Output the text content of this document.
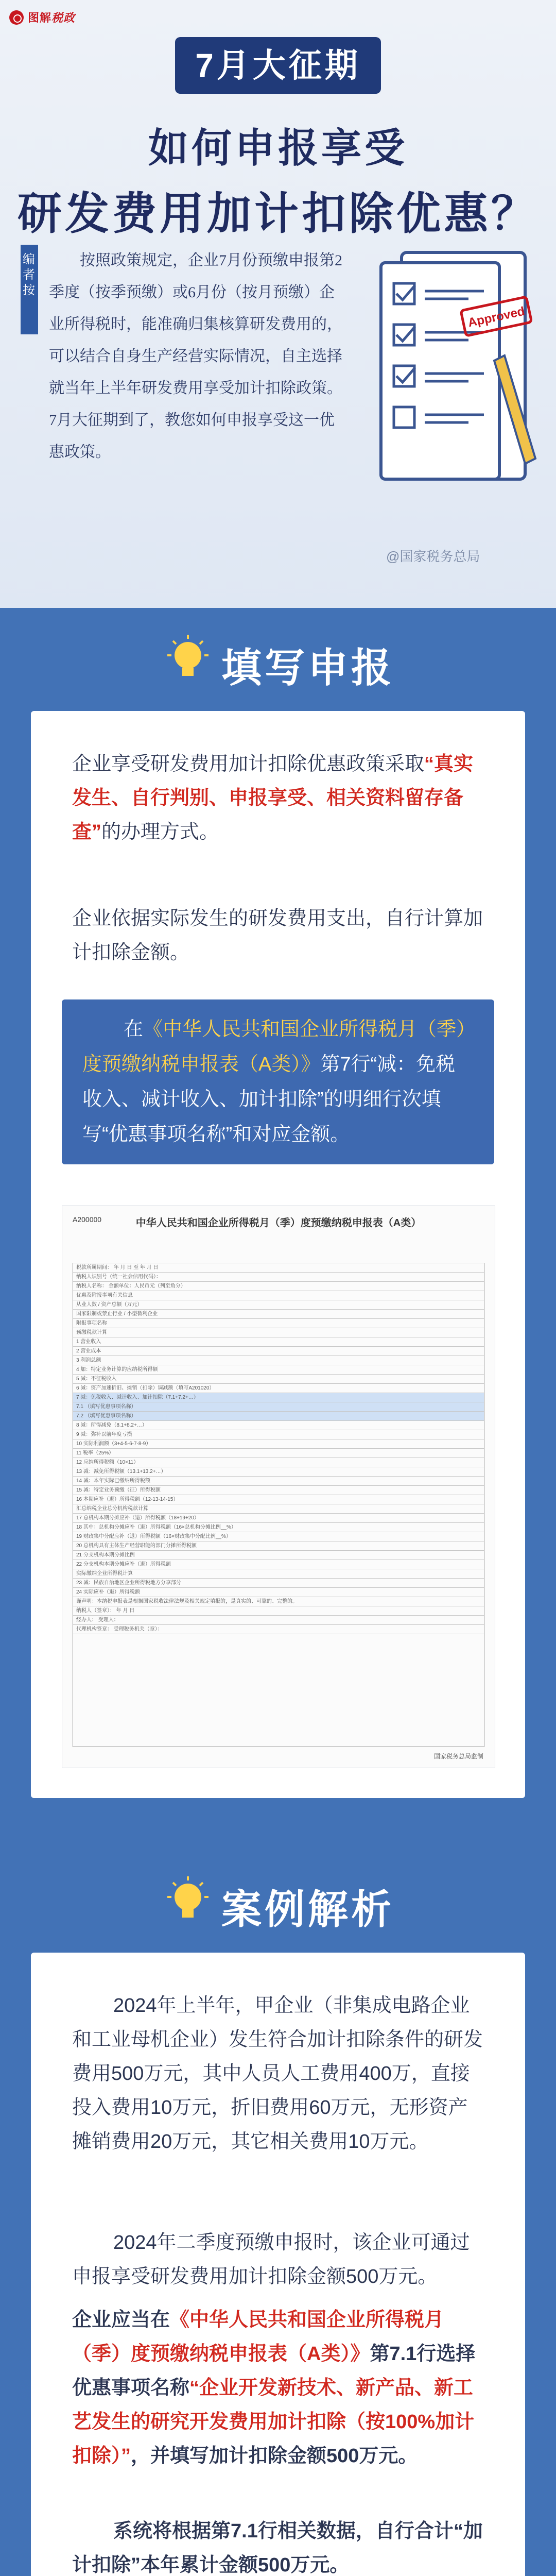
图解税政
7月大征期
如何申报享受
研发费用加计扣除优惠？
编者按
按照政策规定，企业7月份预缴申报第2季度（按季预缴）或6月份（按月预缴）企业所得税时，能准确归集核算研发费用的，可以结合自身生产经营实际情况，自主选择就当年上半年研发费用享受加计扣除政策。7月大征期到了，教您如何申报享受这一优惠政策。
Approved
@国家税务总局
填写申报
企业享受研发费用加计扣除优惠政策采取“真实发生、自行判别、申报享受、相关资料留存备查”的办理方式。
企业依据实际发生的研发费用支出，自行计算加计扣除金额。
在《中华人民共和国企业所得税月（季）度预缴纳税申报表（A类）》第7行“减：免税收入、减计收入、加计扣除”的明细行次填写“优惠事项名称”和对应金额。
A200000	中华人民共和国企业所得税月（季）度预缴纳税申报表（A类）
税款所属期间： 年 月 日 至 年 月 日
纳税人识别号（统一社会信用代码）：
纳税人名称： 金额单位：人民币元（列至角分）
优惠及附报事项有关信息
从业人数 / 资产总额（万元）
国家限制或禁止行业 / 小型微利企业
附报事项名称
预缴税款计算
1 营业收入
2 营业成本
3 利润总额
4 加：特定业务计算的应纳税所得额
5 减：不征税收入
6 减：资产加速折旧、摊销（扣除）调减额（填写A201020）
7 减：免税收入、减计收入、加计扣除（7.1+7.2+…）
7.1 （填写优惠事项名称）
7.2 （填写优惠事项名称）
8 减：所得减免（8.1+8.2+…）
9 减：弥补以前年度亏损
10 实际利润额（3+4-5-6-7-8-9）
11 税率（25%）
12 应纳所得税额（10×11）
13 减：减免所得税额（13.1+13.2+…）
14 减：本年实际已缴纳所得税额
15 减：特定业务预缴（征）所得税额
16 本期应补（退）所得税额（12-13-14-15）
汇总纳税企业总分机构税款计算
17 总机构本期分摊应补（退）所得税额（18+19+20）
18 其中：总机构分摊应补（退）所得税额（16×总机构分摊比例__%）
19 财政集中分配应补（退）所得税额（16×财政集中分配比例__%）
20 总机构具有主体生产经营职能的部门分摊所得税额
21 分支机构本期分摊比例
22 分支机构本期分摊应补（退）所得税额
实际缴纳企业所得税计算
23 减：民族自治地区企业所得税地方分享部分
24 实际应补（退）所得税额
谨声明：本纳税申报表是根据国家税收法律法规及相关规定填报的，是真实的、可靠的、完整的。
纳税人（签章）： 年 月 日
经办人： 受理人：
代理机构签章： 受理税务机关（章）：
国家税务总局监制
案例解析
2024年上半年，甲企业（非集成电路企业和工业母机企业）发生符合加计扣除条件的研发费用500万元，其中人员人工费用400万，直接投入费用10万元，折旧费用60万元，无形资产摊销费用20万元，其它相关费用10万元。
2024年二季度预缴申报时，该企业可通过申报享受研发费用加计扣除金额500万元。
企业应当在《中华人民共和国企业所得税月（季）度预缴纳税申报表（A类）》第7.1行选择优惠事项名称“企业开发新技术、新产品、新工艺发生的研究开发费用加计扣除（按100%加计扣除）”，并填写加计扣除金额500万元。
系统将根据第7.1行相关数据，自行合计“加计扣除”本年累计金额500万元。
